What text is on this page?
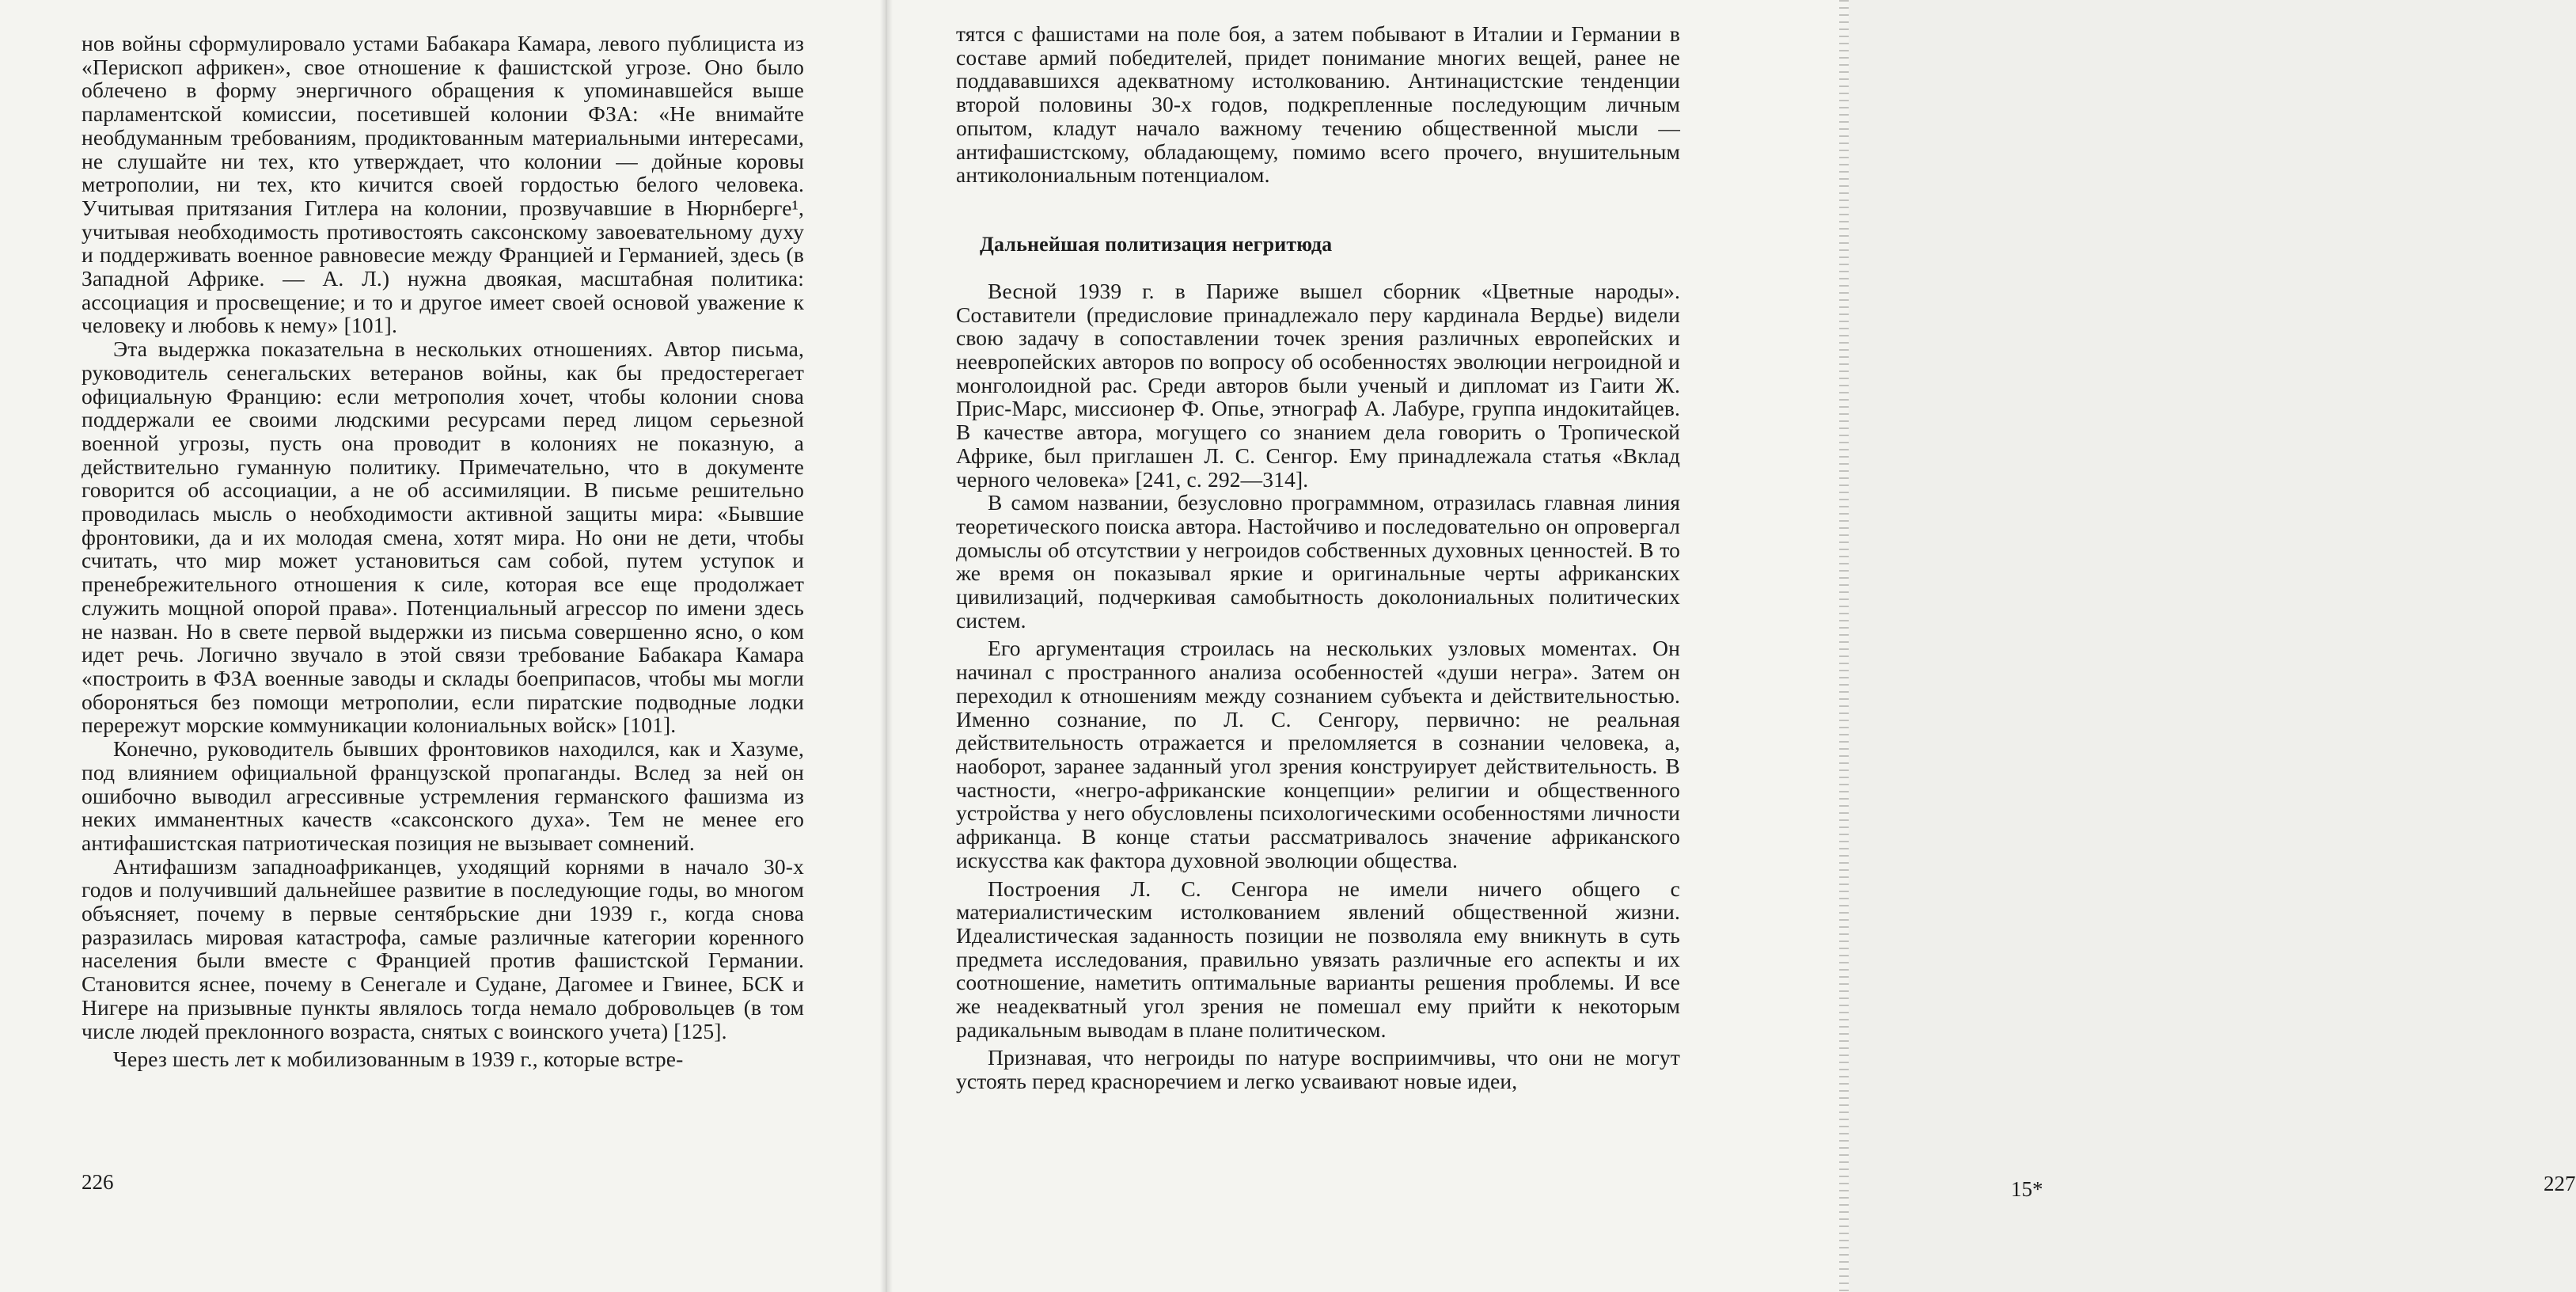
нов войны сформулировало устами Бабакара Камара, левого публициста из «Перископ африкен», свое отношение к фашистской угрозе. Оно было облечено в форму энергичного обращения к упоминавшейся выше парламентской комиссии, посетившей колонии ФЗА: «Не внимайте необдуманным требованиям, продиктованным материальными интересами, не слушайте ни тех, кто утверждает, что колонии — дойные коровы метрополии, ни тех, кто кичится своей гордостью белого человека. Учитывая притязания Гитлера на колонии, прозвучавшие в Нюрнберге¹, учитывая необходимость противостоять саксонскому завоевательному духу и поддерживать военное равновесие между Францией и Германией, здесь (в Западной Африке. — А. Л.) нужна двоякая, масштабная политика: ассоциация и просвещение; и то и другое имеет своей основой уважение к человеку и любовь к нему» [101].

Эта выдержка показательна в нескольких отношениях. Автор письма, руководитель сенегальских ветеранов войны, как бы предостерегает официальную Францию: если метрополия хочет, чтобы колонии снова поддержали ее своими людскими ресурсами перед лицом серьезной военной угрозы, пусть она проводит в колониях не показную, а действительно гуманную политику. Примечательно, что в документе говорится об ассоциации, а не об ассимиляции. В письме решительно проводилась мысль о необходимости активной защиты мира: «Бывшие фронтовики, да и их молодая смена, хотят мира. Но они не дети, чтобы считать, что мир может установиться сам собой, путем уступок и пренебрежительного отношения к силе, которая все еще продолжает служить мощной опорой права». Потенциальный агрессор по имени здесь не назван. Но в свете первой выдержки из письма совершенно ясно, о ком идет речь. Логично звучало в этой связи требование Бабакара Камара «построить в ФЗА военные заводы и склады боеприпасов, чтобы мы могли обороняться без помощи метрополии, если пиратские подводные лодки перережут морские коммуникации колониальных войск» [101].

Конечно, руководитель бывших фронтовиков находился, как и Хазуме, под влиянием официальной французской пропаганды. Вслед за ней он ошибочно выводил агрессивные устремления германского фашизма из неких имманентных качеств «саксонского духа». Тем не менее его антифашистская патриотическая позиция не вызывает сомнений.

Антифашизм западноафриканцев, уходящий корнями в начало 30-х годов и получивший дальнейшее развитие в последующие годы, во многом объясняет, почему в первые сентябрьские дни 1939 г., когда снова разразилась мировая катастрофа, самые различные категории коренного населения были вместе с Францией против фашистской Германии. Становится яснее, почему в Сенегале и Судане, Дагомее и Гвинее, БСК и Нигере на призывные пункты являлось тогда немало добровольцев (в том числе людей преклонного возраста, снятых с воинского учета) [125].

Через шесть лет к мобилизованным в 1939 г., которые встре-

226

тятся с фашистами на поле боя, а затем побывают в Италии и Германии в составе армий победителей, придет понимание многих вещей, ранее не поддававшихся адекватному истолкованию. Антинацистские тенденции второй половины 30-х годов, подкрепленные последующим личным опытом, кладут начало важному течению общественной мысли — антифашистскому, обладающему, помимо всего прочего, внушительным антиколониальным потенциалом.

Дальнейшая политизация негритюда

Весной 1939 г. в Париже вышел сборник «Цветные народы». Составители (предисловие принадлежало перу кардинала Вердье) видели свою задачу в сопоставлении точек зрения различных европейских и неевропейских авторов по вопросу об особенностях эволюции негроидной и монголоидной рас. Среди авторов были ученый и дипломат из Гаити Ж. Прис-Марс, миссионер Ф. Опье, этнограф А. Лабуре, группа индокитайцев. В качестве автора, могущего со знанием дела говорить о Тропической Африке, был приглашен Л. С. Сенгор. Ему принадлежала статья «Вклад черного человека» [241, с. 292—314].

В самом названии, безусловно программном, отразилась главная линия теоретического поиска автора. Настойчиво и последовательно он опровергал домыслы об отсутствии у негроидов собственных духовных ценностей. В то же время он показывал яркие и оригинальные черты африканских цивилизаций, подчеркивая самобытность доколониальных политических систем.

Его аргументация строилась на нескольких узловых моментах. Он начинал с пространного анализа особенностей «души негра». Затем он переходил к отношениям между сознанием субъекта и действительностью. Именно сознание, по Л. С. Сенгору, первично: не реальная действительность отражается и преломляется в сознании человека, а, наоборот, заранее заданный угол зрения конструирует действительность. В частности, «негро-африканские концепции» религии и общественного устройства у него обусловлены психологическими особенностями личности африканца. В конце статьи рассматривалось значение африканского искусства как фактора духовной эволюции общества.

Построения Л. С. Сенгора не имели ничего общего с материалистическим истолкованием явлений общественной жизни. Идеалистическая заданность позиции не позволяла ему вникнуть в суть предмета исследования, правильно увязать различные его аспекты и их соотношение, наметить оптимальные варианты решения проблемы. И все же неадекватный угол зрения не помешал ему прийти к некоторым радикальным выводам в плане политическом.

Признавая, что негроиды по натуре восприимчивы, что они не могут устоять перед красноречием и легко усваивают новые идеи,

15*	227
